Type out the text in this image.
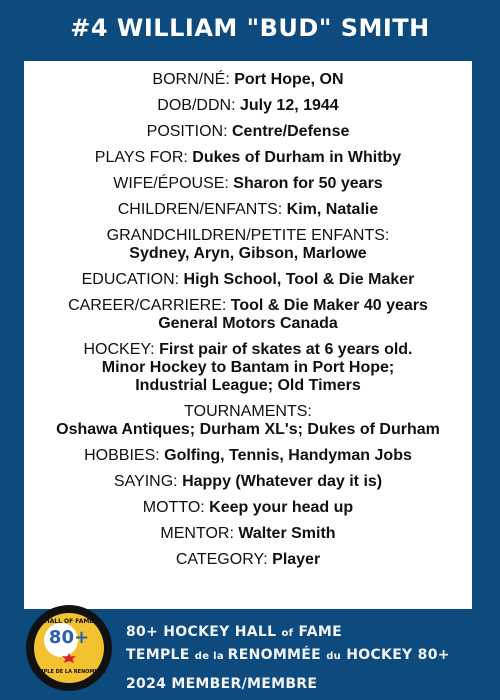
#4 WILLIAM "BUD" SMITH
BORN/NÉ: Port Hope, ON
DOB/DDN: July 12, 1944
POSITION: Centre/Defense
PLAYS FOR: Dukes of Durham in Whitby
WIFE/ÉPOUSE: Sharon for 50 years
CHILDREN/ENFANTS: Kim, Natalie
GRANDCHILDREN/PETITE ENFANTS:
Sydney, Aryn, Gibson, Marlowe
EDUCATION: High School, Tool & Die Maker
CAREER/CARRIERE: Tool & Die Maker 40 years
General Motors Canada
HOCKEY: First pair of skates at 6 years old.
Minor Hockey to Bantam in Port Hope;
Industrial League; Old Timers
TOURNAMENTS:
Oshawa Antiques; Durham XL's; Dukes of Durham
HOBBIES: Golfing, Tennis, Handyman Jobs
SAYING: Happy (Whatever day it is)
MOTTO: Keep your head up
MENTOR: Walter Smith
CATEGORY: Player
HALL OF FAME
80+
TEMPLE DE LA RENOMMÉE
80+ HOCKEY HALL of FAME
TEMPLE de la RENOMMÉE du HOCKEY 80+
2024 MEMBER/MEMBRE
